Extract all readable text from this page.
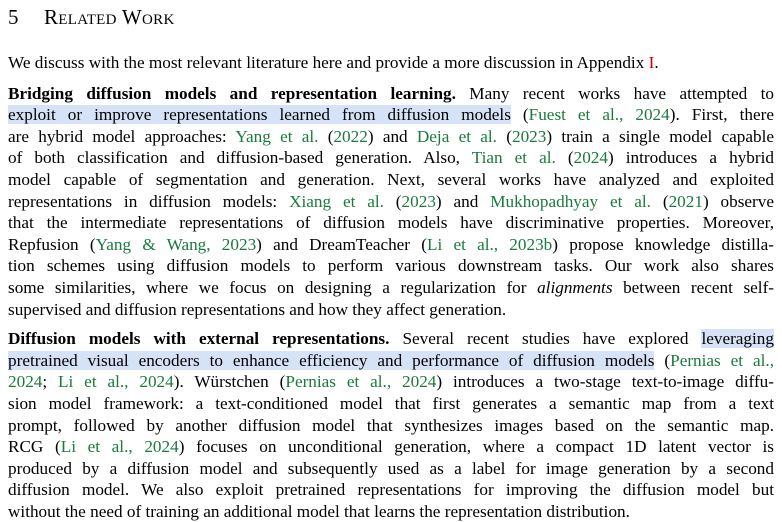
5 Related Work
We discuss with the most relevant literature here and provide a more discussion in Appendix I.
Bridging diffusion models and representation learning. Many recent works have attempted to
exploit or improve representations learned from diffusion models (Fuest et al., 2024). First, there
are hybrid model approaches: Yang et al. (2022) and Deja et al. (2023) train a single model capable
of both classification and diffusion-based generation. Also, Tian et al. (2024) introduces a hybrid
model capable of segmentation and generation. Next, several works have analyzed and exploited
representations in diffusion models: Xiang et al. (2023) and Mukhopadhyay et al. (2021) observe
that the intermediate representations of diffusion models have discriminative properties. Moreover,
Repfusion (Yang & Wang, 2023) and DreamTeacher (Li et al., 2023b) propose knowledge distilla-
tion schemes using diffusion models to perform various downstream tasks. Our work also shares
some similarities, where we focus on designing a regularization for alignments between recent self-
supervised and diffusion representations and how they affect generation.
Diffusion models with external representations. Several recent studies have explored leveraging
pretrained visual encoders to enhance efficiency and performance of diffusion models (Pernias et al.,
2024; Li et al., 2024). Würstchen (Pernias et al., 2024) introduces a two-stage text-to-image diffu-
sion model framework: a text-conditioned model that first generates a semantic map from a text
prompt, followed by another diffusion model that synthesizes images based on the semantic map.
RCG (Li et al., 2024) focuses on unconditional generation, where a compact 1D latent vector is
produced by a diffusion model and subsequently used as a label for image generation by a second
diffusion model. We also exploit pretrained representations for improving the diffusion model but
without the need of training an additional model that learns the representation distribution.
